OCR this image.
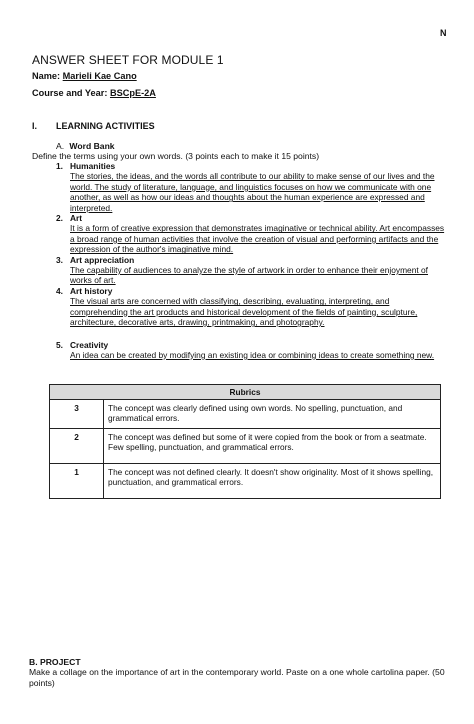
N
ANSWER SHEET FOR MODULE 1
Name: Marieli Kae Cano
Course and Year: BSCpE-2A
I. LEARNING ACTIVITIES
A. Word Bank
Define the terms using your own words. (3 points each to make it 15 points)
1. Humanities
The stories, the ideas, and the words all contribute to our ability to make sense of our lives and the world. The study of literature, language, and linguistics focuses on how we communicate with one another, as well as how our ideas and thoughts about the human experience are expressed and interpreted.
2. Art
It is a form of creative expression that demonstrates imaginative or technical ability. Art encompasses a broad range of human activities that involve the creation of visual and performing artifacts and the expression of the author's imaginative mind.
3. Art appreciation
The capability of audiences to analyze the style of artwork in order to enhance their enjoyment of works of art.
4. Art history
The visual arts are concerned with classifying, describing, evaluating, interpreting, and comprehending the art products and historical development of the fields of painting, sculpture, architecture, decorative arts, drawing, printmaking, and photography.
5. Creativity
An idea can be created by modifying an existing idea or combining ideas to create something new.
Rubrics	
3	The concept was clearly defined using own words. No spelling, punctuation, and grammatical errors.
2	The concept was defined but some of it were copied from the book or from a seatmate. Few spelling, punctuation, and grammatical errors.
1	The concept was not defined clearly. It doesn't show originality. Most of it shows spelling, punctuation, and grammatical errors.
B. PROJECT
Make a collage on the importance of art in the contemporary world. Paste on a one whole cartolina paper. (50 points)
